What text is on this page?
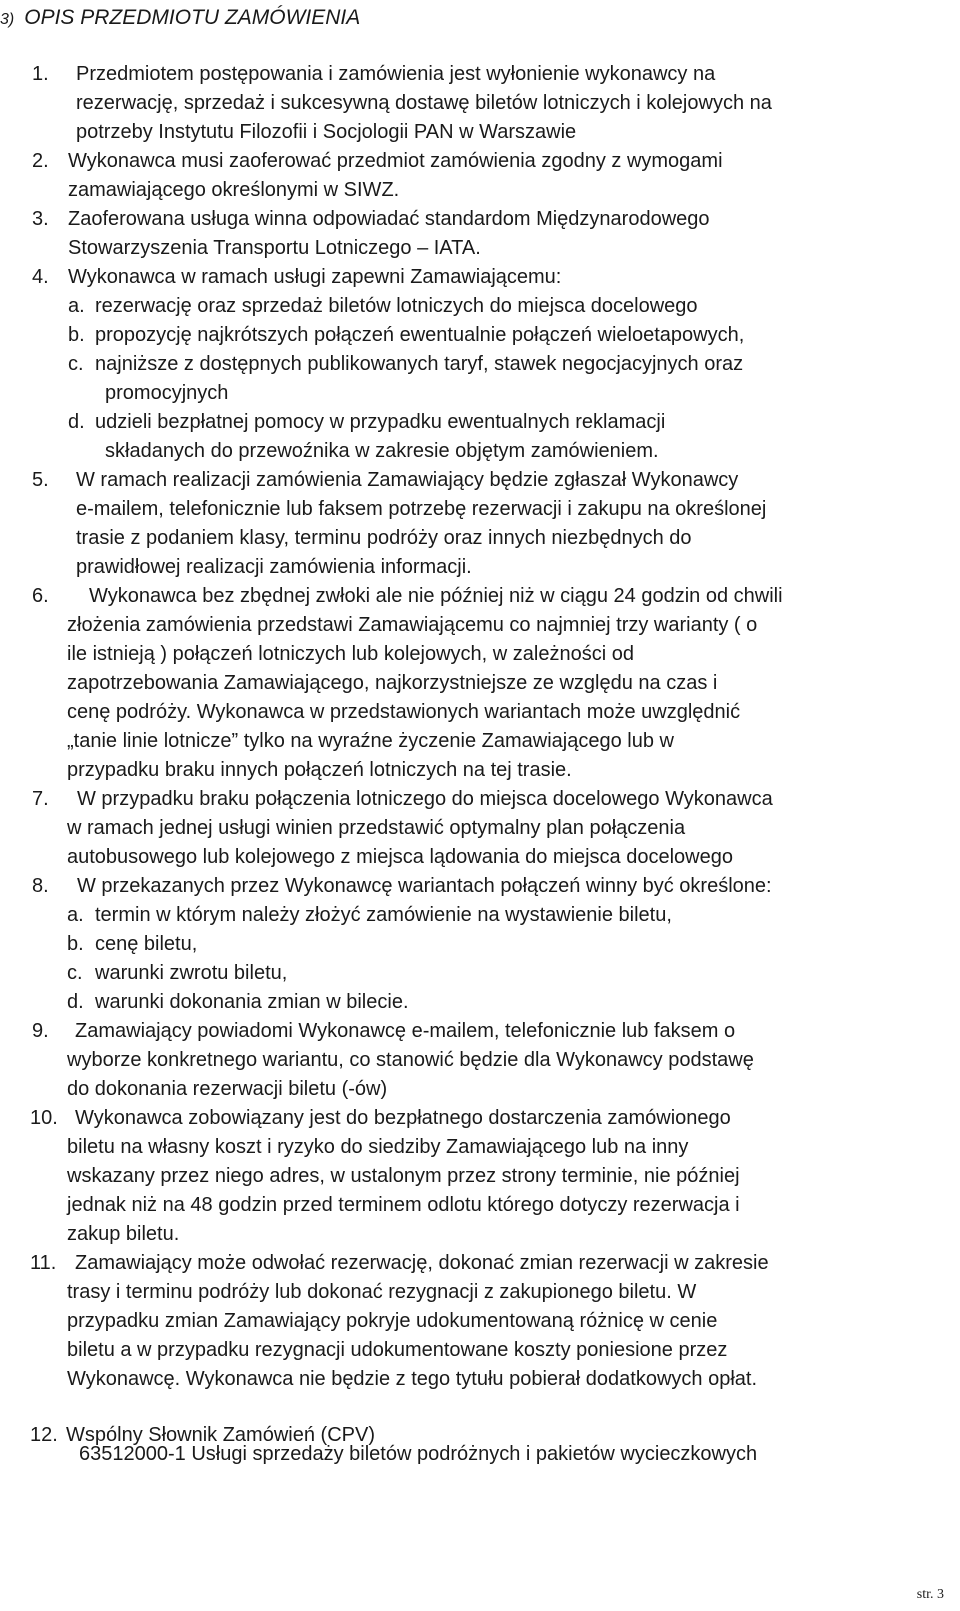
3) OPIS PRZEDMIOTU ZAMÓWIENIA
1.	Przedmiotem postępowania i zamówienia jest wyłonienie wykonawcy na
rezerwację, sprzedaż i sukcesywną dostawę biletów lotniczych i kolejowych na
potrzeby Instytutu Filozofii i Socjologii PAN w Warszawie
2. Wykonawca musi zaoferować przedmiot zamówienia zgodny z wymogami
zamawiającego określonymi w SIWZ.
3. Zaoferowana usługa winna odpowiadać standardom Międzynarodowego
Stowarzyszenia Transportu Lotniczego – IATA.
4. Wykonawca w ramach usługi zapewni Zamawiającemu:
a. rezerwację oraz sprzedaż biletów lotniczych do miejsca docelowego
b. propozycję najkrótszych połączeń ewentualnie połączeń wieloetapowych,
c. najniższe z dostępnych publikowanych taryf, stawek negocjacyjnych oraz
promocyjnych
d. udzieli bezpłatnej pomocy w przypadku ewentualnych reklamacji
składanych do przewoźnika w zakresie objętym zamówieniem.
5. W ramach realizacji zamówienia Zamawiający będzie zgłaszał Wykonawcy
e-mailem, telefonicznie lub faksem potrzebę rezerwacji i zakupu na określonej
trasie z podaniem klasy, terminu podróży oraz innych niezbędnych do
prawidłowej realizacji zamówienia informacji.
6.	Wykonawca bez zbędnej zwłoki ale nie później niż w ciągu 24 godzin od chwili
złożenia zamówienia przedstawi Zamawiającemu co najmniej trzy warianty ( o
ile istnieją ) połączeń lotniczych lub kolejowych, w zależności od
zapotrzebowania Zamawiającego, najkorzystniejsze ze względu na czas i
cenę podróży. Wykonawca w przedstawionych wariantach może uwzględnić
„tanie linie lotnicze” tylko na wyraźne życzenie Zamawiającego lub w
przypadku braku innych połączeń lotniczych na tej trasie.
7.	W przypadku braku połączenia lotniczego do miejsca docelowego Wykonawca
w ramach jednej usługi winien przedstawić optymalny plan połączenia
autobusowego lub kolejowego z miejsca lądowania do miejsca docelowego
8.	W przekazanych przez Wykonawcę wariantach połączeń winny być określone:
a. termin w którym należy złożyć zamówienie na wystawienie biletu,
b. cenę biletu,
c. warunki zwrotu biletu,
d. warunki dokonania zmian w bilecie.
9.	Zamawiający powiadomi Wykonawcę e-mailem, telefonicznie lub faksem o
wyborze konkretnego wariantu, co stanowić będzie dla Wykonawcy podstawę
do dokonania rezerwacji biletu (-ów)
10. Wykonawca zobowiązany jest do bezpłatnego dostarczenia zamówionego
biletu na własny koszt i ryzyko do siedziby Zamawiającego lub na inny
wskazany przez niego adres, w ustalonym przez strony terminie, nie później
jednak niż na 48 godzin przed terminem odlotu którego dotyczy rezerwacja i
zakup biletu.
11. Zamawiający może odwołać rezerwację, dokonać zmian rezerwacji w zakresie
trasy i terminu podróży lub dokonać rezygnacji z zakupionego biletu. W
przypadku zmian Zamawiający pokryje udokumentowaną różnicę w cenie
biletu a w przypadku rezygnacji udokumentowane koszty poniesione przez
Wykonawcę. Wykonawca nie będzie z tego tytułu pobierał dodatkowych opłat.
12. Wspólny Słownik Zamówień (CPV)
63512000-1 Usługi sprzedaży biletów podróżnych i pakietów wycieczkowych
str. 3
